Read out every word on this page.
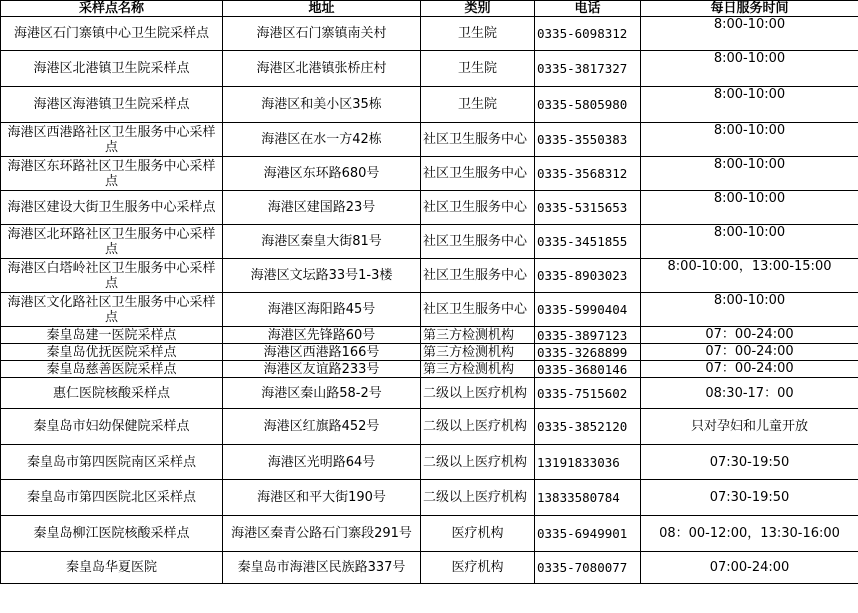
采样点名称	地址	类别	电话	每日服务时间
海港区石门寨镇中心卫生院采样点	海港区石门寨镇南关村	卫生院	0335-6098312	8:00-10:00
海港区北港镇卫生院采样点	海港区北港镇张桥庄村	卫生院	0335-3817327	8:00-10:00
海港区海港镇卫生院采样点	海港区和美小区35栋	卫生院	0335-5805980	8:00-10:00
海港区西港路社区卫生服务中心采样点	海港区在水一方42栋	社区卫生服务中心	0335-3550383	8:00-10:00
海港区东环路社区卫生服务中心采样点	海港区东环路680号	社区卫生服务中心	0335-3568312	8:00-10:00
海港区建设大街卫生服务中心采样点	海港区建国路23号	社区卫生服务中心	0335-5315653	8:00-10:00
海港区北环路社区卫生服务中心采样点	海港区秦皇大街81号	社区卫生服务中心	0335-3451855	8:00-10:00
海港区白塔岭社区卫生服务中心采样点	海港区文坛路33号1-3楼	社区卫生服务中心	0335-8903023	8:00-10:00，13:00-15:00
海港区文化路社区卫生服务中心采样点	海港区海阳路45号	社区卫生服务中心	0335-5990404	8:00-10:00
秦皇岛建一医院采样点	海港区先锋路60号	第三方检测机构	0335-3897123	07：00-24:00
秦皇岛优抚医院采样点	海港区西港路166号	第三方检测机构	0335-3268899	07：00-24:00
秦皇岛慈善医院采样点	海港区友谊路233号	第三方检测机构	0335-3680146	07：00-24:00
惠仁医院核酸采样点	海港区秦山路58-2号	二级以上医疗机构	0335-7515602	08:30-17：00
秦皇岛市妇幼保健院采样点	海港区红旗路452号	二级以上医疗机构	0335-3852120	只对孕妇和儿童开放
秦皇岛市第四医院南区采样点	海港区光明路64号	二级以上医疗机构	13191833036	07:30-19:50
秦皇岛市第四医院北区采样点	海港区和平大街190号	二级以上医疗机构	13833580784	07:30-19:50
秦皇岛柳江医院核酸采样点	海港区秦青公路石门寨段291号	医疗机构	0335-6949901	08：00-12:00，13:30-16:00
秦皇岛华夏医院	秦皇岛市海港区民族路337号	医疗机构	0335-7080077	07:00-24:00
